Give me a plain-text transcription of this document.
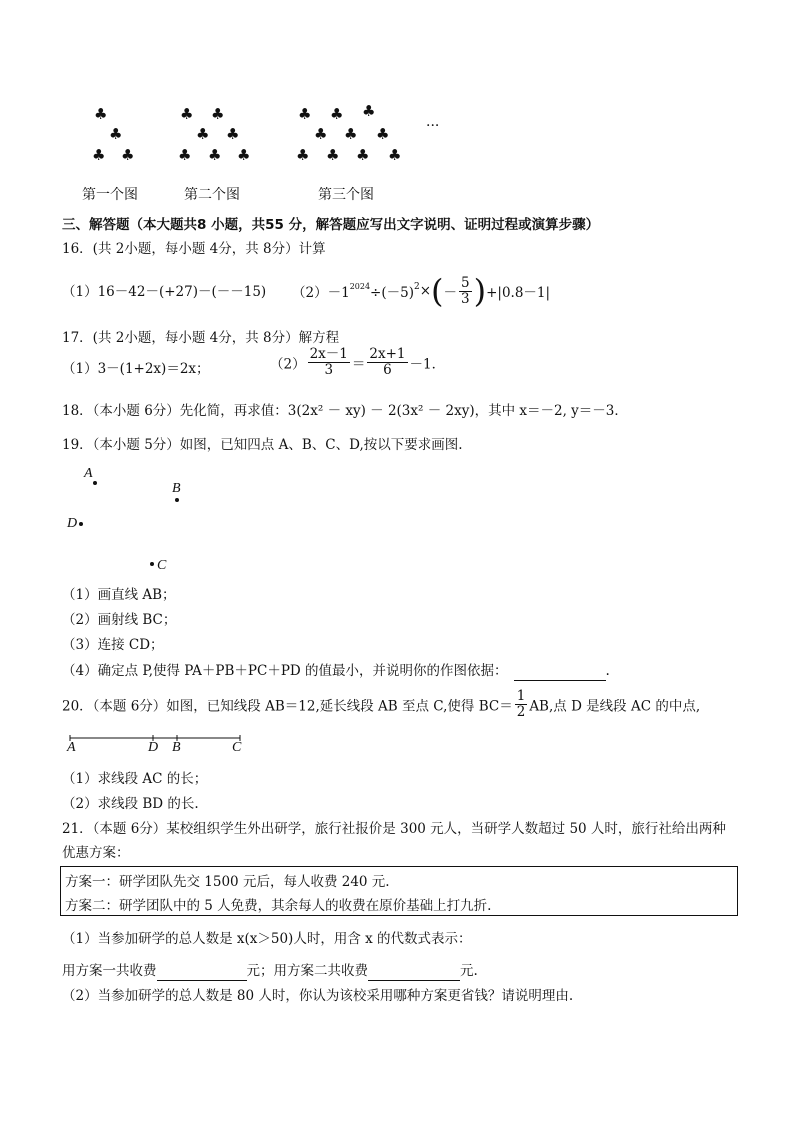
♣
♣
♣ ♣
♣ ♣
♣ ♣
♣ ♣ ♣
♣ ♣ ♣
♣ ♣ ♣
♣ ♣ ♣ ♣
···
第一个图	第二个图	第三个图
三、解答题（本大题共8 小题，共55 分，解答题应写出文字说明、证明过程或演算步骤）
16．(共 2小题，每小题 4分，共 8分）计算
（1）16－42－(+27)－(－－15) $(2)-1^{2024}\div(-5)^2\times(- \frac{5}{3} )+|0.8-1|$
17．(共 2小题，每小题 4分，共 8分）解方程
（1）3－(1+2x)＝2x；	$(2) \frac{2x-1}{3} = \frac{2x+1}{6} -1$．
18．（本小题 6分）先化简，再求值：3(2x² － xy) － 2(3x² － 2xy)，其中 x＝－2, y＝－3．
19．（本小题 5分）如图，已知四点 A、B、C、D,按以下要求画图.
A
B
D
C
（1）画直线 AB；
（2）画射线 BC；
（3）连接 CD；
（4）确定点 P,使得 PA＋PB＋PC＋PD 的值最小，并说明你的作图依据：	.
20．（本题 6分）如图，已知线段 AB＝12,延长线段 AB 至点 C,使得 $BC= \frac{1}{2}$ AB,点 D 是线段 AC 的中点,
A	D B	C
（1）求线段 AC 的长；
（2）求线段 BD 的长.
21．（本题 6分）某校组织学生外出研学，旅行社报价是 300 元人，当研学人数超过 50 人时，旅行社给出两种
优惠方案：
方案一：研学团队先交 1500 元后，每人收费 240 元.
方案二：研学团队中的 5 人免费，其余每人的收费在原价基础上打九折.
（1）当参加研学的总人数是 x(x＞50)人时，用含 x 的代数式表示：
用方案一共收费	元；用方案二共收费	元.
（2）当参加研学的总人数是 80 人时，你认为该校采用哪种方案更省钱？请说明理由.
